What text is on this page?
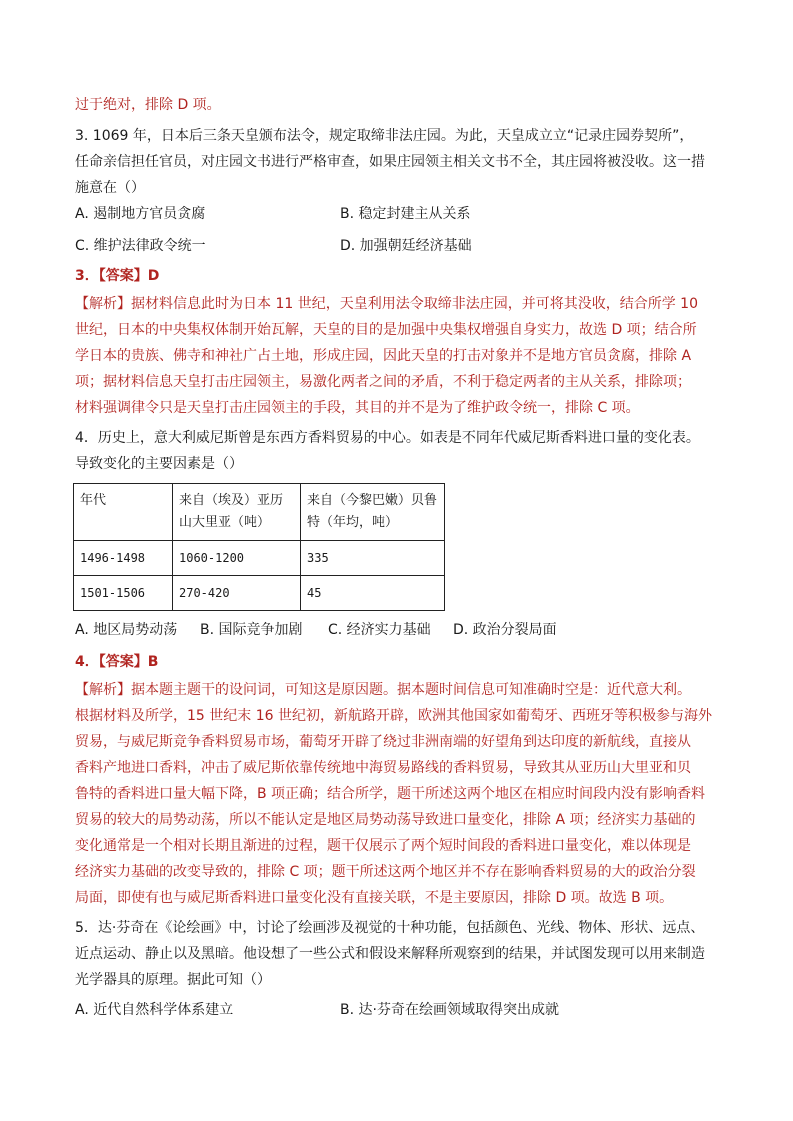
过于绝对，排除 D 项。
3. 1069 年，日本后三条天皇颁布法令，规定取缔非法庄园。为此，天皇成立立“记录庄园券契所”，
任命亲信担任官员，对庄园文书进行严格审查，如果庄园领主相关文书不全，其庄园将被没收。这一措
施意在（）
A. 遏制地方官员贪腐	B. 稳定封建主从关系
C. 维护法律政令统一	D. 加强朝廷经济基础
3．【答案】D
【解析】据材料信息此时为日本 11 世纪，天皇利用法令取缔非法庄园，并可将其没收，结合所学 10
世纪，日本的中央集权体制开始瓦解，天皇的目的是加强中央集权增强自身实力，故选 D 项；结合所
学日本的贵族、佛寺和神社广占土地，形成庄园，因此天皇的打击对象并不是地方官员贪腐，排除 A
项；据材料信息天皇打击庄园领主，易激化两者之间的矛盾，不利于稳定两者的主从关系，排除项；
材料强调律令只是天皇打击庄园领主的手段，其目的并不是为了维护政令统一，排除 C 项。
4．历史上，意大利威尼斯曾是东西方香料贸易的中心。如表是不同年代威尼斯香料进口量的变化表。
导致变化的主要因素是（）
年代	来自（埃及）亚历山大里亚（吨）	来自（今黎巴嫩）贝鲁特（年均，吨）
1496-1498	1060-1200	335
1501-1506	270-420	45
A. 地区局势动荡 B. 国际竞争加剧 C. 经济实力基础 D. 政治分裂局面
4．【答案】B
【解析】据本题主题干的设问词，可知这是原因题。据本题时间信息可知准确时空是：近代意大利。
根据材料及所学，15 世纪末 16 世纪初，新航路开辟，欧洲其他国家如葡萄牙、西班牙等积极参与海外
贸易，与威尼斯竞争香料贸易市场，葡萄牙开辟了绕过非洲南端的好望角到达印度的新航线，直接从
香料产地进口香料，冲击了威尼斯依靠传统地中海贸易路线的香料贸易，导致其从亚历山大里亚和贝
鲁特的香料进口量大幅下降，B 项正确；结合所学，题干所述这两个地区在相应时间段内没有影响香料
贸易的较大的局势动荡，所以不能认定是地区局势动荡导致进口量变化，排除 A 项；经济实力基础的
变化通常是一个相对长期且渐进的过程，题干仅展示了两个短时间段的香料进口量变化，难以体现是
经济实力基础的改变导致的，排除 C 项；题干所述这两个地区并不存在影响香料贸易的大的政治分裂
局面，即使有也与威尼斯香料进口量变化没有直接关联，不是主要原因，排除 D 项。故选 B 项。
5．达·芬奇在《论绘画》中，讨论了绘画涉及视觉的十种功能，包括颜色、光线、物体、形状、远点、
近点运动、静止以及黑暗。他设想了一些公式和假设来解释所观察到的结果，并试图发现可以用来制造
光学器具的原理。据此可知（）
A. 近代自然科学体系建立	B. 达·芬奇在绘画领域取得突出成就
